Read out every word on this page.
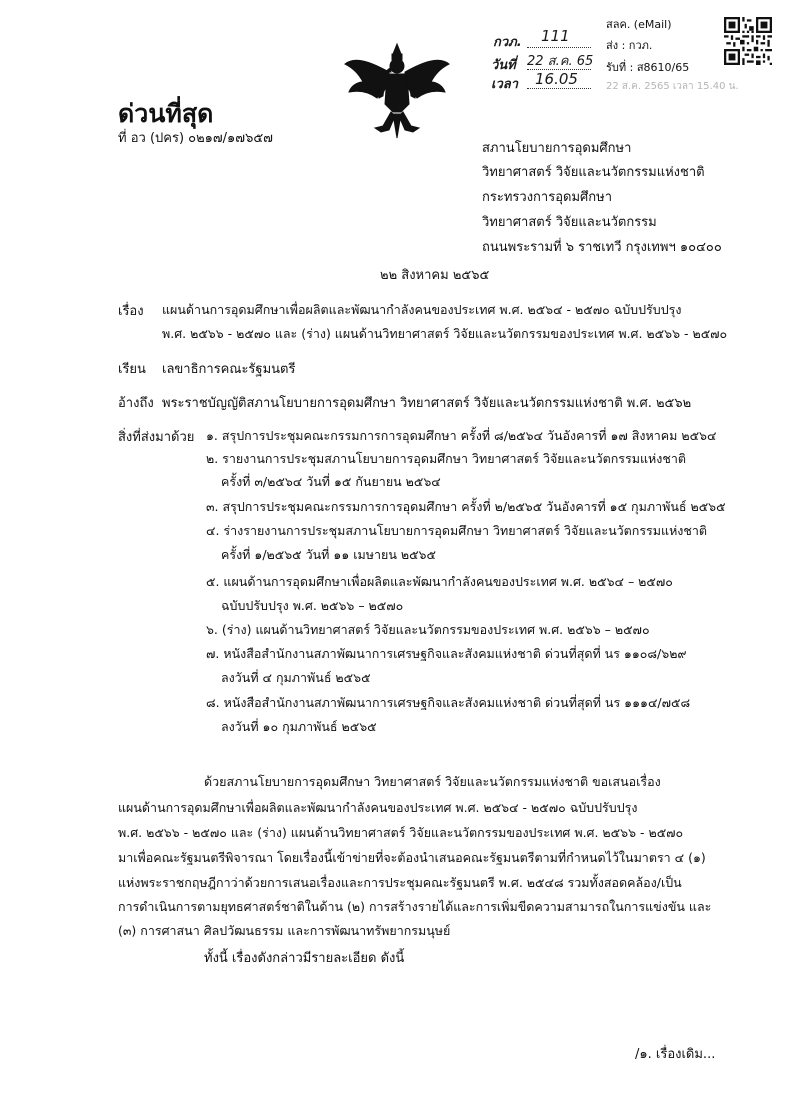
กวภ. 111
วันที่ 22 ส.ค. 65
เวลา 16.05
สลค. (eMail)
ส่ง : กวภ.
รับที่ : ส8610/65
22 ส.ค. 2565 เวลา 15.40 น.
ด่วนที่สุด
ที่ อว (ปคร) ๐๒๑๗/๑๗๖๕๗
สภานโยบายการอุดมศึกษา
วิทยาศาสตร์ วิจัยและนวัตกรรมแห่งชาติ
กระทรวงการอุดมศึกษา
วิทยาศาสตร์ วิจัยและนวัตกรรม
ถนนพระรามที่ ๖ ราชเทวี กรุงเทพฯ ๑๐๔๐๐
๒๒ สิงหาคม ๒๕๖๕
เรื่อง แผนด้านการอุดมศึกษาเพื่อผลิตและพัฒนากำลังคนของประเทศ พ.ศ. ๒๕๖๔ - ๒๕๗๐ ฉบับปรับปรุง
พ.ศ. ๒๕๖๖ - ๒๕๗๐ และ (ร่าง) แผนด้านวิทยาศาสตร์ วิจัยและนวัตกรรมของประเทศ พ.ศ. ๒๕๖๖ - ๒๕๗๐
เรียน เลขาธิการคณะรัฐมนตรี
อ้างถึง พระราชบัญญัติสภานโยบายการอุดมศึกษา วิทยาศาสตร์ วิจัยและนวัตกรรมแห่งชาติ พ.ศ. ๒๕๖๒
สิ่งที่ส่งมาด้วย ๑. สรุปการประชุมคณะกรรมการการอุดมศึกษา ครั้งที่ ๘/๒๕๖๔ วันอังคารที่ ๑๗ สิงหาคม ๒๕๖๔
๒. รายงานการประชุมสภานโยบายการอุดมศึกษา วิทยาศาสตร์ วิจัยและนวัตกรรมแห่งชาติ
ครั้งที่ ๓/๒๕๖๔ วันที่ ๑๕ กันยายน ๒๕๖๔
๓. สรุปการประชุมคณะกรรมการการอุดมศึกษา ครั้งที่ ๒/๒๕๖๕ วันอังคารที่ ๑๕ กุมภาพันธ์ ๒๕๖๕
๔. ร่างรายงานการประชุมสภานโยบายการอุดมศึกษา วิทยาศาสตร์ วิจัยและนวัตกรรมแห่งชาติ
ครั้งที่ ๑/๒๕๖๕ วันที่ ๑๑ เมษายน ๒๕๖๕
๕. แผนด้านการอุดมศึกษาเพื่อผลิตและพัฒนากำลังคนของประเทศ พ.ศ. ๒๕๖๔ – ๒๕๗๐
ฉบับปรับปรุง พ.ศ. ๒๕๖๖ – ๒๕๗๐
๖. (ร่าง) แผนด้านวิทยาศาสตร์ วิจัยและนวัตกรรมของประเทศ พ.ศ. ๒๕๖๖ – ๒๕๗๐
๗. หนังสือสำนักงานสภาพัฒนาการเศรษฐกิจและสังคมแห่งชาติ ด่วนที่สุดที่ นร ๑๑๐๘/๖๒๙
ลงวันที่ ๔ กุมภาพันธ์ ๒๕๖๕
๘. หนังสือสำนักงานสภาพัฒนาการเศรษฐกิจและสังคมแห่งชาติ ด่วนที่สุดที่ นร ๑๑๑๔/๗๕๘
ลงวันที่ ๑๐ กุมภาพันธ์ ๒๕๖๕
ด้วยสภานโยบายการอุดมศึกษา วิทยาศาสตร์ วิจัยและนวัตกรรมแห่งชาติ ขอเสนอเรื่อง
แผนด้านการอุดมศึกษาเพื่อผลิตและพัฒนากำลังคนของประเทศ พ.ศ. ๒๕๖๔ - ๒๕๗๐ ฉบับปรับปรุง
พ.ศ. ๒๕๖๖ - ๒๕๗๐ และ (ร่าง) แผนด้านวิทยาศาสตร์ วิจัยและนวัตกรรมของประเทศ พ.ศ. ๒๕๖๖ - ๒๕๗๐
มาเพื่อคณะรัฐมนตรีพิจารณา โดยเรื่องนี้เข้าข่ายที่จะต้องนำเสนอคณะรัฐมนตรีตามที่กำหนดไว้ในมาตรา ๔ (๑)
แห่งพระราชกฤษฎีกาว่าด้วยการเสนอเรื่องและการประชุมคณะรัฐมนตรี พ.ศ. ๒๕๔๘ รวมทั้งสอดคล้อง/เป็น
การดำเนินการตามยุทธศาสตร์ชาติในด้าน (๒) การสร้างรายได้และการเพิ่มขีดความสามารถในการแข่งขัน และ
(๓) การศาสนา ศิลปวัฒนธรรม และการพัฒนาทรัพยากรมนุษย์
ทั้งนี้ เรื่องดังกล่าวมีรายละเอียด ดังนี้
/๑. เรื่องเดิม...
